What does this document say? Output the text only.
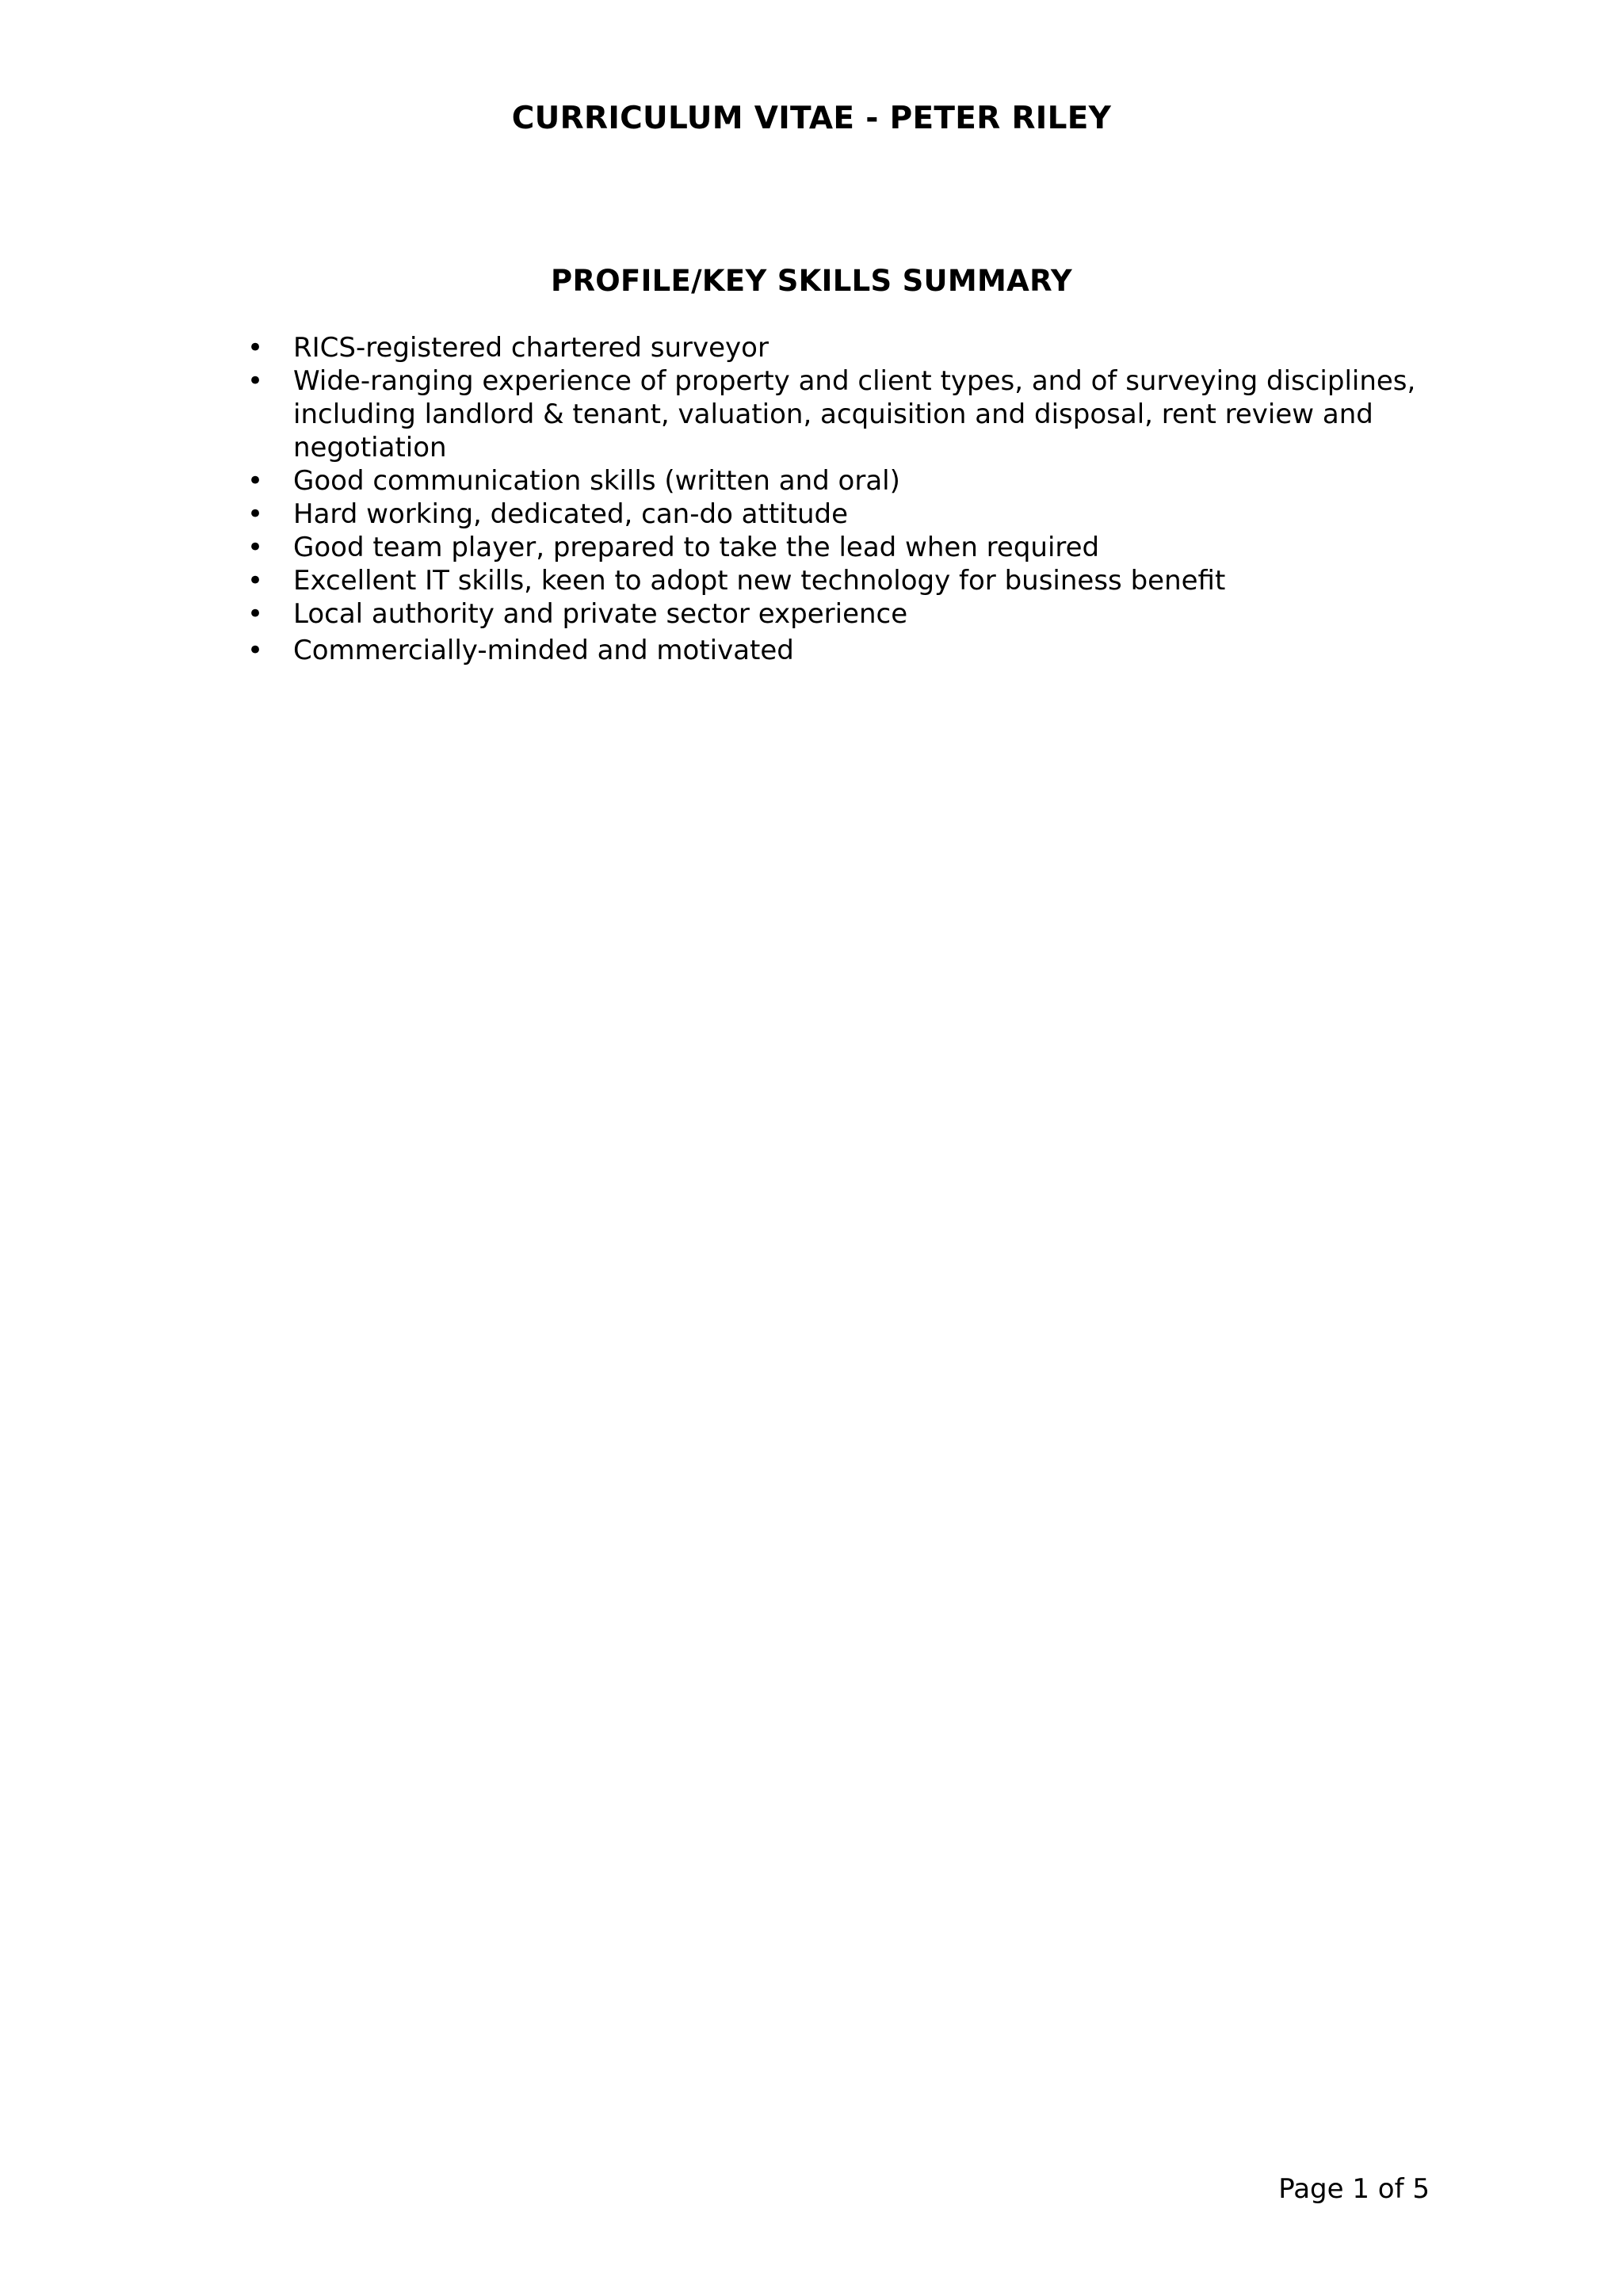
CURRICULUM VITAE - PETER RILEY
PROFILE/KEY SKILLS SUMMARY
• RICS-registered chartered surveyor
• Wide-ranging experience of property and client types, and of surveying disciplines, including landlord & tenant, valuation, acquisition and disposal, rent review and negotiation
• Good communication skills (written and oral)
• Hard working, dedicated, can-do attitude
• Good team player, prepared to take the lead when required
• Excellent IT skills, keen to adopt new technology for business benefit
• Local authority and private sector experience
• Commercially-minded and motivated

Page 1 of 5
